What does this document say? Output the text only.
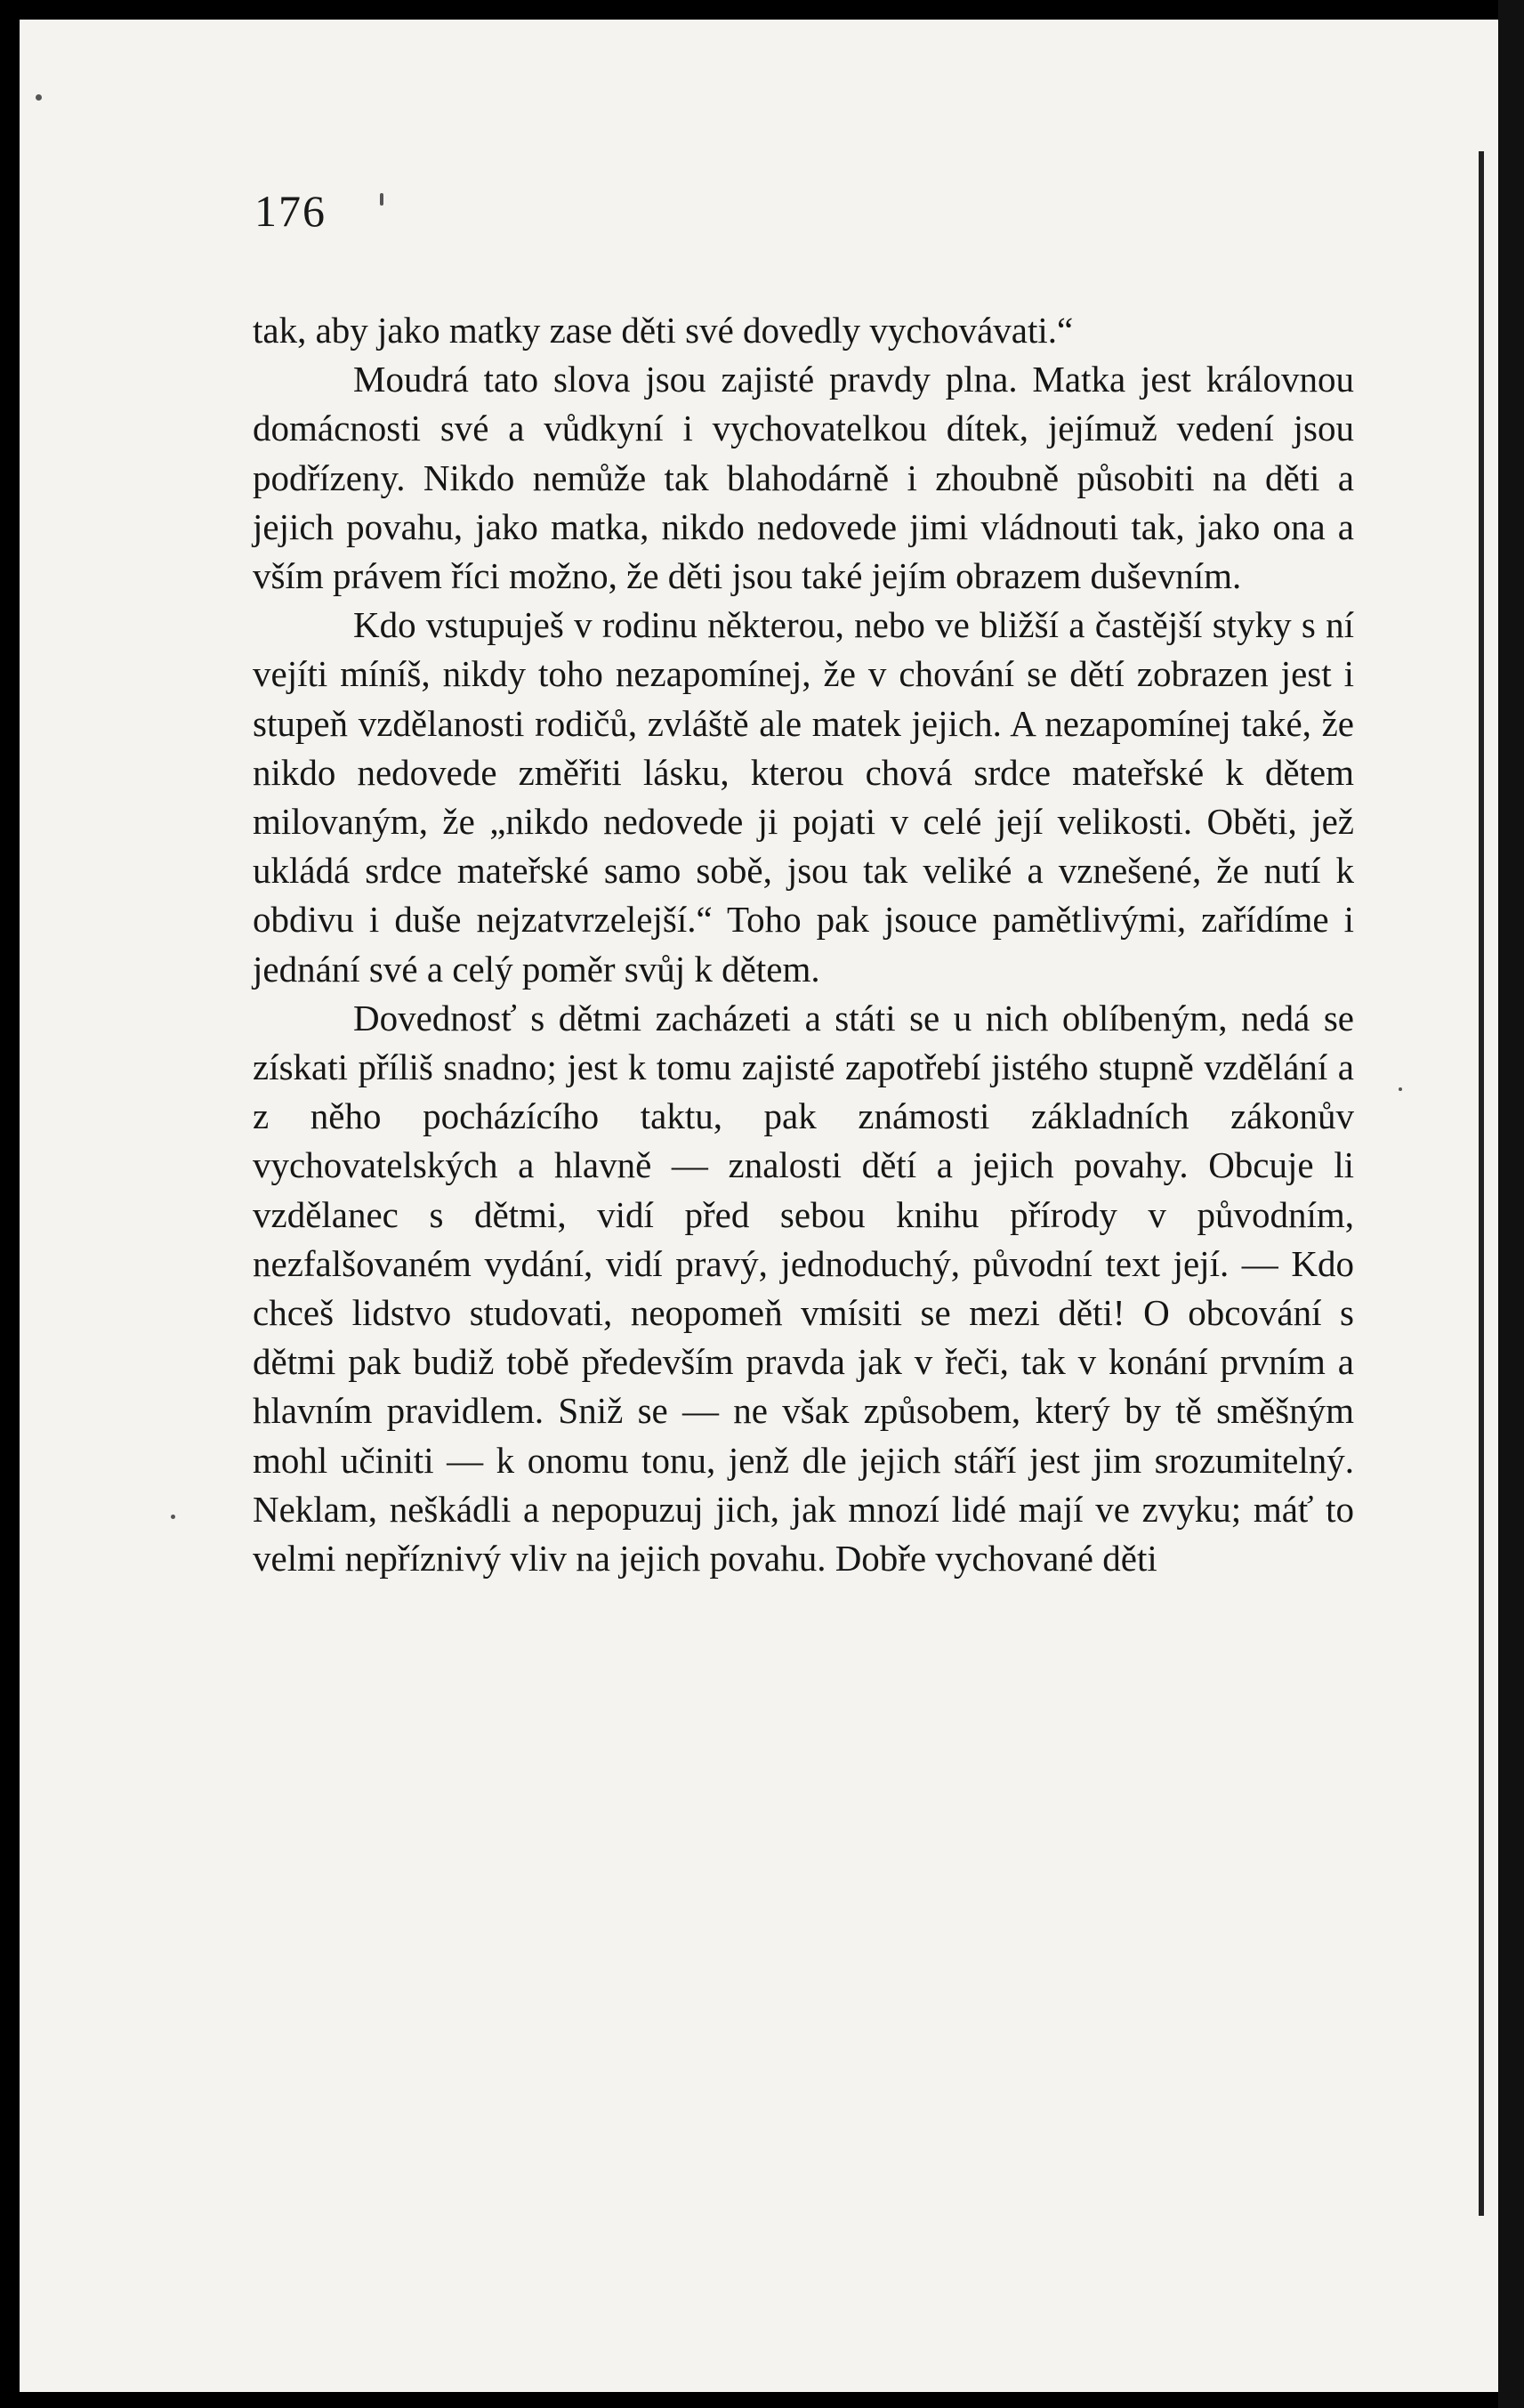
176

tak, aby jako matky zase děti své dovedly vychovávati.“

Moudrá tato slova jsou zajisté pravdy plna. Matka jest královnou domácnosti své a vůdkyní i vychovatelkou dítek, jejímuž vedení jsou podřízeny. Nikdo nemůže tak blahodárně i zhoubně působiti na děti a jejich povahu, jako matka, nikdo nedovede jimi vládnouti tak, jako ona a vším právem říci možno, že děti jsou také jejím obrazem duševním.

Kdo vstupuješ v rodinu některou, nebo ve bližší a častější styky s ní vejíti míníš, nikdy toho nezapomínej, že v chování se dětí zobrazen jest i stupeň vzdělanosti rodičů, zvláště ale matek jejich. A nezapomínej také, že nikdo nedovede změřiti lásku, kterou chová srdce mateřské k dětem milovaným, že „nikdo nedovede ji pojati v celé její velikosti. Oběti, jež ukládá srdce mateřské samo sobě, jsou tak veliké a vznešené, že nutí k obdivu i duše nejzatvrzelejší.“ Toho pak jsouce pamětlivými, zařídíme i jednání své a celý poměr svůj k dětem.

Dovednosť s dětmi zacházeti a státi se u nich oblíbeným, nedá se získati příliš snadno; jest k tomu zajisté zapotřebí jistého stupně vzdělání a z něho pocházícího taktu, pak známosti základních zákonův vychovatelských a hlavně — znalosti dětí a jejich povahy. Obcuje li vzdělanec s dětmi, vidí před sebou knihu přírody v původním, nezfalšovaném vydání, vidí pravý, jednoduchý, původní text její. — Kdo chceš lidstvo studovati, neopomeň vmísiti se mezi děti! O obcování s dětmi pak budiž tobě především pravda jak v řeči, tak v konání prvním a hlavním pravidlem. Sniž se — ne však způsobem, který by tě směšným mohl učiniti — k onomu tonu, jenž dle jejich stáří jest jim srozumitelný. Neklam, neškádli a nepopuzuj jich, jak mnozí lidé mají ve zvyku; máť to velmi nepříznivý vliv na jejich povahu. Dobře vychované děti
